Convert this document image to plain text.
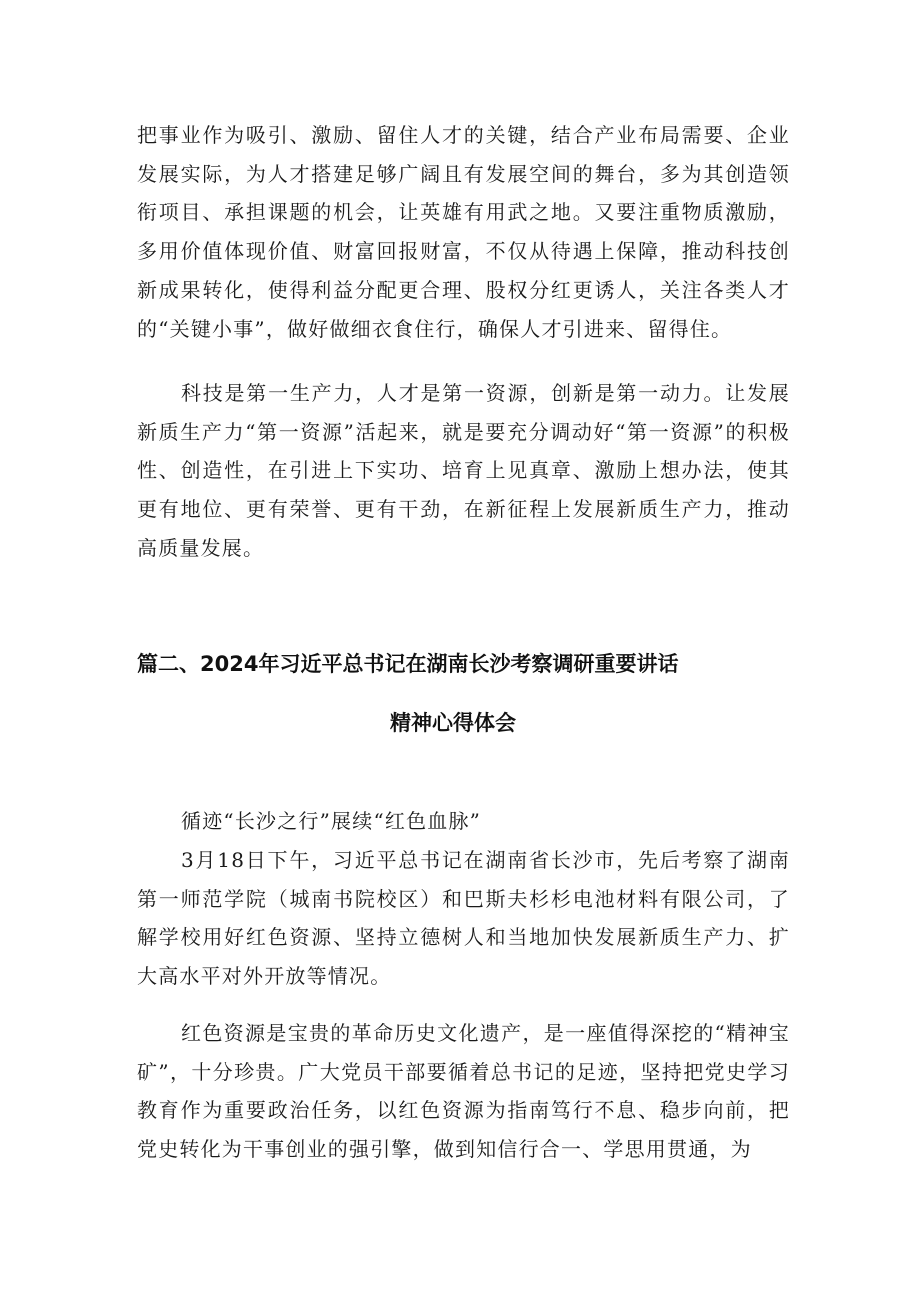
把事业作为吸引、激励、留住人才的关键，结合产业布局需要、企业发展实际，为人才搭建足够广阔且有发展空间的舞台，多为其创造领衔项目、承担课题的机会，让英雄有用武之地。又要注重物质激励，多用价值体现价值、财富回报财富，不仅从待遇上保障，推动科技创新成果转化，使得利益分配更合理、股权分红更诱人，关注各类人才的“关键小事”，做好做细衣食住行，确保人才引进来、留得住。

科技是第一生产力，人才是第一资源，创新是第一动力。让发展新质生产力“第一资源”活起来，就是要充分调动好“第一资源”的积极性、创造性，在引进上下实功、培育上见真章、激励上想办法，使其更有地位、更有荣誉、更有干劲，在新征程上发展新质生产力，推动高质量发展。

篇二、2024年习近平总书记在湖南长沙考察调研重要讲话
精神心得体会

循迹“长沙之行”展续“红色血脉”

3月18日下午，习近平总书记在湖南省长沙市，先后考察了湖南第一师范学院（城南书院校区）和巴斯夫杉杉电池材料有限公司，了解学校用好红色资源、坚持立德树人和当地加快发展新质生产力、扩大高水平对外开放等情况。

红色资源是宝贵的革命历史文化遗产，是一座值得深挖的“精神宝矿”，十分珍贵。广大党员干部要循着总书记的足迹，坚持把党史学习教育作为重要政治任务，以红色资源为指南笃行不息、稳步向前，把党史转化为干事创业的强引擎，做到知信行合一、学思用贯通，为
